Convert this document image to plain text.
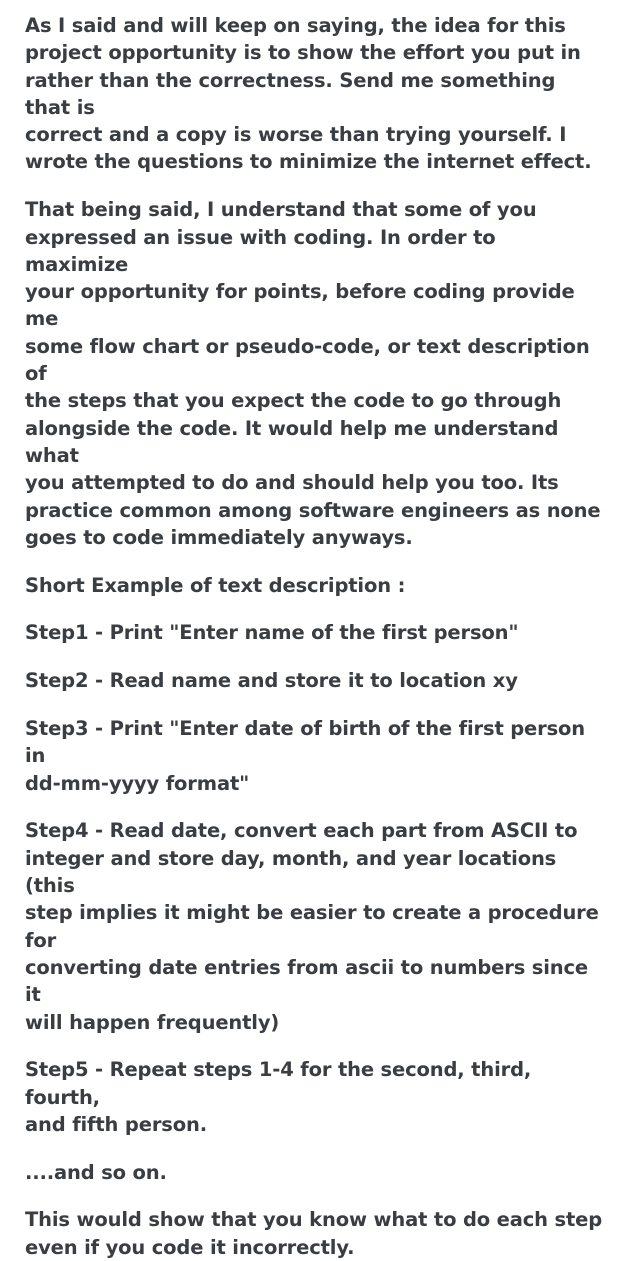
As I said and will keep on saying, the idea for this
project opportunity is to show the effort you put in
rather than the correctness. Send me something that is
correct and a copy is worse than trying yourself. I
wrote the questions to minimize the internet effect.
That being said, I understand that some of you
expressed an issue with coding. In order to maximize
your opportunity for points, before coding provide me
some flow chart or pseudo-code, or text description of
the steps that you expect the code to go through
alongside the code. It would help me understand what
you attempted to do and should help you too. Its
practice common among software engineers as none
goes to code immediately anyways.
Short Example of text description :
Step1 - Print "Enter name of the first person"
Step2 - Read name and store it to location xy
Step3 - Print "Enter date of birth of the first person in
dd-mm-yyyy format"
Step4 - Read date, convert each part from ASCII to
integer and store day, month, and year locations (this
step implies it might be easier to create a procedure for
converting date entries from ascii to numbers since it
will happen frequently)
Step5 - Repeat steps 1-4 for the second, third, fourth,
and fifth person.
....and so on.
This would show that you know what to do each step
even if you code it incorrectly.
